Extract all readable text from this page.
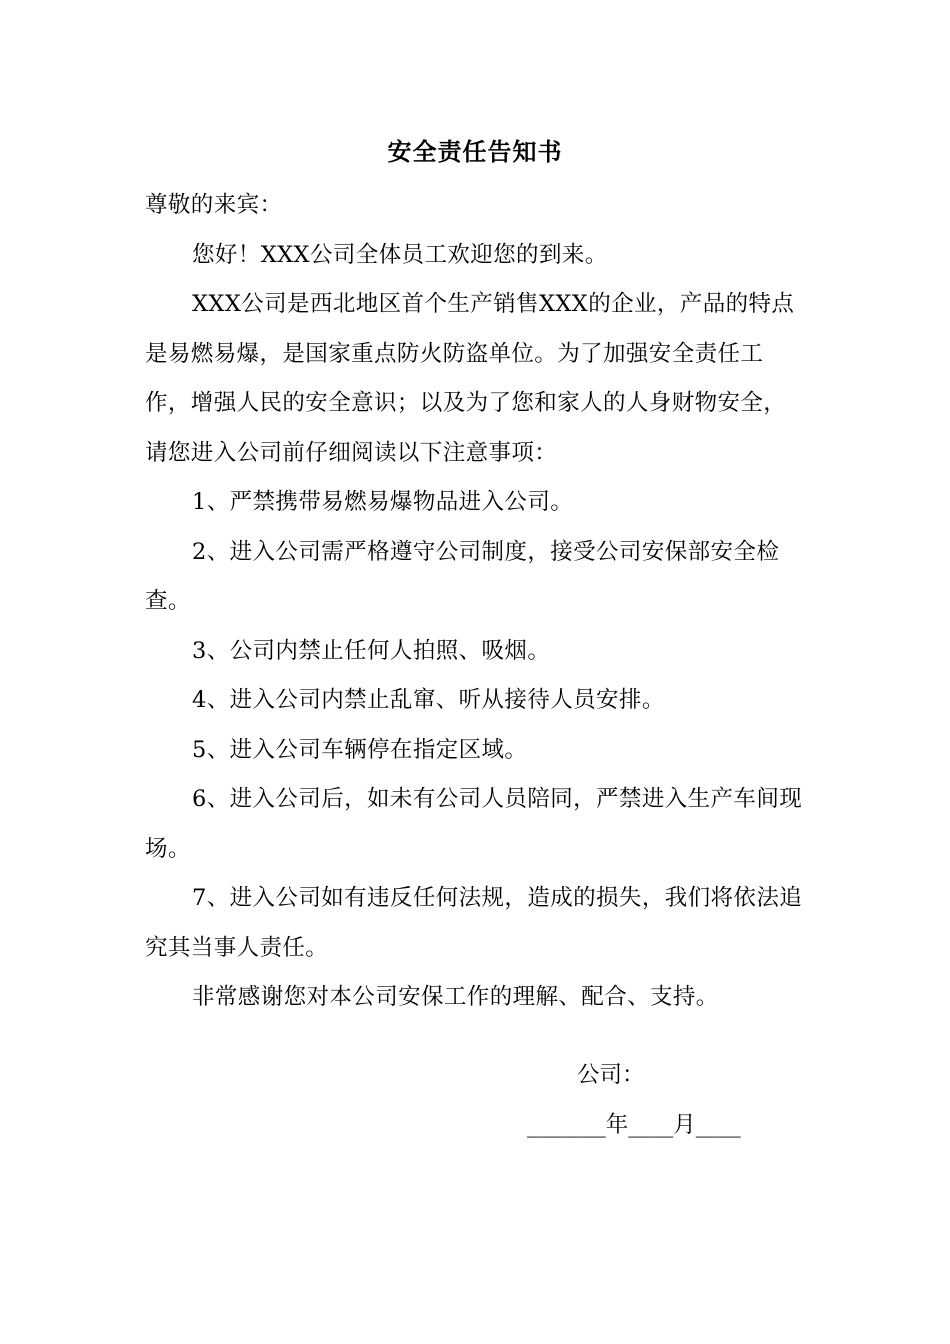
安全责任告知书

尊敬的来宾：

您好！XXX公司全体员工欢迎您的到来。

XXX公司是西北地区首个生产销售XXX的企业，产品的特点是易燃易爆，是国家重点防火防盗单位。为了加强安全责任工作，增强人民的安全意识；以及为了您和家人的人身财物安全，请您进入公司前仔细阅读以下注意事项：

1、严禁携带易燃易爆物品进入公司。

2、进入公司需严格遵守公司制度，接受公司安保部安全检查。

3、公司内禁止任何人拍照、吸烟。

4、进入公司内禁止乱窜、听从接待人员安排。

5、进入公司车辆停在指定区域。

6、进入公司后，如未有公司人员陪同，严禁进入生产车间现场。

7、进入公司如有违反任何法规，造成的损失，我们将依法追究其当事人责任。

非常感谢您对本公司安保工作的理解、配合、支持。

公司：
_______年____月____
